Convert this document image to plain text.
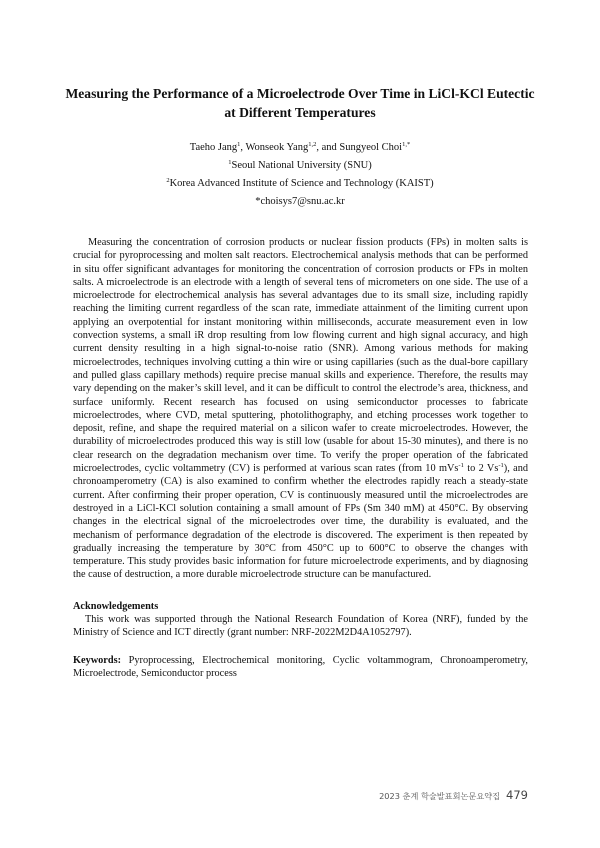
Measuring the Performance of a Microelectrode Over Time in LiCl-KCl Eutectic
at Different Temperatures
Taeho Jang$^1$, Wonseok Yang$^{1,2}$, and Sungyeol Choi$^{1,*}$
$^1$Seoul National University (SNU)
$^2$Korea Advanced Institute of Science and Technology (KAIST)
*choisys7@snu.ac.kr

Measuring the concentration of corrosion products or nuclear fission products (FPs) in molten salts is crucial for pyroprocessing and molten salt reactors. Electrochemical analysis methods that can be performed in situ offer significant advantages for monitoring the concentration of corrosion products or FPs in molten salts. A microelectrode is an electrode with a length of several tens of micrometers on one side. The use of a microelectrode for electrochemical analysis has several advantages due to its small size, including rapidly reaching the limiting current regardless of the scan rate, immediate attainment of the limiting current upon applying an overpotential for instant monitoring within milliseconds, accurate measurement even in low convection systems, a small iR drop resulting from low flowing current and high signal accuracy, and high current density resulting in a high signal-to-noise ratio (SNR). Among various methods for making microelectrodes, techniques involving cutting a thin wire or using capillaries (such as the dual-bore capillary and pulled glass capillary methods) require precise manual skills and experience. Therefore, the results may vary depending on the maker’s skill level, and it can be difficult to control the electrode’s area, thickness, and surface uniformly. Recent research has focused on using semiconductor processes to fabricate microelectrodes, where CVD, metal sputtering, photolithography, and etching processes work together to deposit, refine, and shape the required material on a silicon wafer to create microelectrodes. However, the durability of microelectrodes produced this way is still low (usable for about 15-30 minutes), and there is no clear research on the degradation mechanism over time. To verify the proper operation of the fabricated microelectrodes, cyclic voltammetry (CV) is performed at various scan rates (from 10 mVs$^{-1}$ to 2 $Vs^{-1}$), and chronoamperometry (CA) is also examined to confirm whether the electrodes rapidly reach a steady-state current. After confirming their proper operation, CV is continuously measured until the microelectrodes are destroyed in a LiCl-KCl solution containing a small amount of FPs (Sm 340 mM) at 450°C. By observing changes in the electrical signal of the microelectrodes over time, the durability is evaluated, and the mechanism of performance degradation of the electrode is discovered. The experiment is then repeated by gradually increasing the temperature by 30°C from 450°C up to 600°C to observe the changes with temperature. This study provides basic information for future microelectrode experiments, and by diagnosing the cause of destruction, a more durable microelectrode structure can be manufactured.

Acknowledgements

This work was supported through the National Research Foundation of Korea (NRF), funded by the Ministry of Science and ICT directly (grant number: NRF-2022M2D4A1052797).

Keywords: Pyroprocessing, Electrochemical monitoring, Cyclic voltammogram, Chronoamperometry, Microelectrode, Semiconductor process

2023 춘계 학술발표회논문요약집 479
